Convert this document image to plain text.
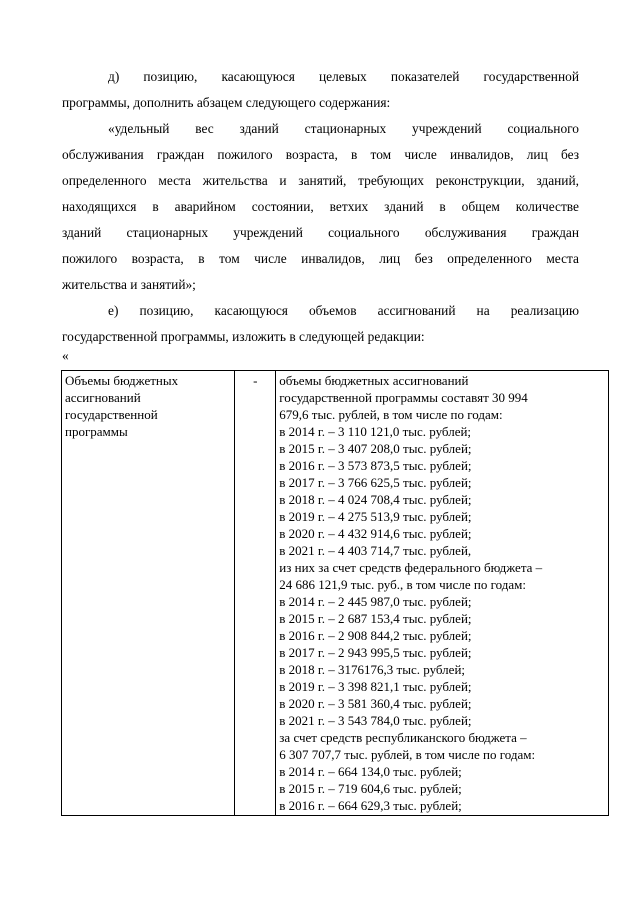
д) позицию, касающуюся целевых показателей государственной
программы, дополнить абзацем следующего содержания:
«удельный вес зданий стационарных учреждений социального
обслуживания граждан пожилого возраста, в том числе инвалидов, лиц без
определенного места жительства и занятий, требующих реконструкции, зданий,
находящихся в аварийном состоянии, ветхих зданий в общем количестве
зданий стационарных учреждений социального обслуживания граждан
пожилого возраста, в том числе инвалидов, лиц без определенного места
жительства и занятий»;
е) позицию, касающуюся объемов ассигнований на реализацию
государственной программы, изложить в следующей редакции:
«
Объемы бюджетных
ассигнований
государственной
программы
	-	объемы бюджетных ассигнований
государственной программы составят 30 994
679,6 тыс. рублей, в том числе по годам:
в 2014 г. – 3 110 121,0 тыс. рублей;
в 2015 г. – 3 407 208,0 тыс. рублей;
в 2016 г. – 3 573 873,5 тыс. рублей;
в 2017 г. – 3 766 625,5 тыс. рублей;
в 2018 г. – 4 024 708,4 тыс. рублей;
в 2019 г. – 4 275 513,9 тыс. рублей;
в 2020 г. – 4 432 914,6 тыс. рублей;
в 2021 г. – 4 403 714,7 тыс. рублей,
из них за счет средств федерального бюджета –
24 686 121,9 тыс. руб., в том числе по годам:
в 2014 г. – 2 445 987,0 тыс. рублей;
в 2015 г. – 2 687 153,4 тыс. рублей;
в 2016 г. – 2 908 844,2 тыс. рублей;
в 2017 г. – 2 943 995,5 тыс. рублей;
в 2018 г. – 3176176,3 тыс. рублей;
в 2019 г. – 3 398 821,1 тыс. рублей;
в 2020 г. – 3 581 360,4 тыс. рублей;
в 2021 г. – 3 543 784,0 тыс. рублей;
за счет средств республиканского бюджета –
6 307 707,7 тыс. рублей, в том числе по годам:
в 2014 г. – 664 134,0 тыс. рублей;
в 2015 г. – 719 604,6 тыс. рублей;
в 2016 г. – 664 629,3 тыс. рублей;
